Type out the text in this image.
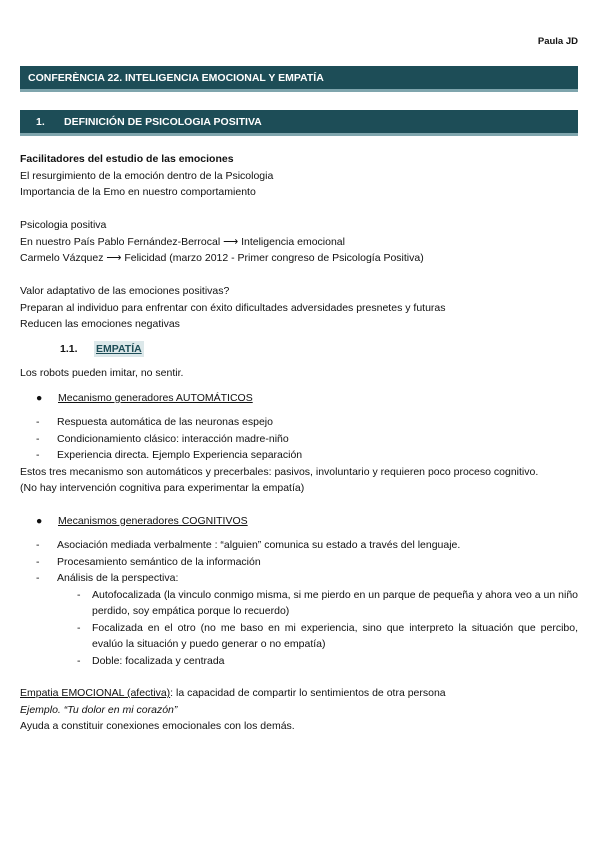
Paula JD
CONFERÈNCIA 22. INTELIGENCIA EMOCIONAL Y EMPATÍA
1.	DEFINICIÓN DE PSICOLOGIA POSITIVA
Facilitadores del estudio de las emociones
El resurgimiento de la emoción dentro de la Psicologia
Importancia de la Emo en nuestro comportamiento
Psicologia positiva
En nuestro País Pablo Fernández-Berrocal ⟶ Inteligencia emocional
Carmelo Vázquez ⟶ Felicidad (marzo 2012 - Primer congreso de Psicología Positiva)
Valor adaptativo de las emociones positivas?
Preparan al individuo para enfrentar con éxito dificultades adversidades presnetes y futuras
Reducen las emociones negativas
1.1.	EMPATÍA
Los robots pueden imitar, no sentir.
●	Mecanismo generadores AUTOMÁTICOS
-	Respuesta automática de las neuronas espejo
-	Condicionamiento clásico: interacción madre-niño
-	Experiencia directa. Ejemplo Experiencia separación
Estos tres mecanismo son automáticos y precerbales: pasivos, involuntario y requieren poco proceso cognitivo.
(No hay intervención cognitiva para experimentar la empatía)
●	Mecanismos generadores COGNITIVOS
-	Asociación mediada verbalmente : “alguien” comunica su estado a través del lenguaje.
-	Procesamiento semántico de la información
-	Análisis de la perspectiva:
-	Autofocalizada (la vinculo conmigo misma, si me pierdo en un parque de pequeña y ahora veo a un niño perdido, soy empática porque lo recuerdo)
-	Focalizada en el otro (no me baso en mi experiencia, sino que interpreto la situación que percibo, evalúo la situación y puedo generar o no empatía)
-	Doble: focalizada y centrada
Empatia EMOCIONAL (afectiva): la capacidad de compartir lo sentimientos de otra persona
Ejemplo. “Tu dolor en mi corazón”
Ayuda a constituir conexiones emocionales con los demás.
